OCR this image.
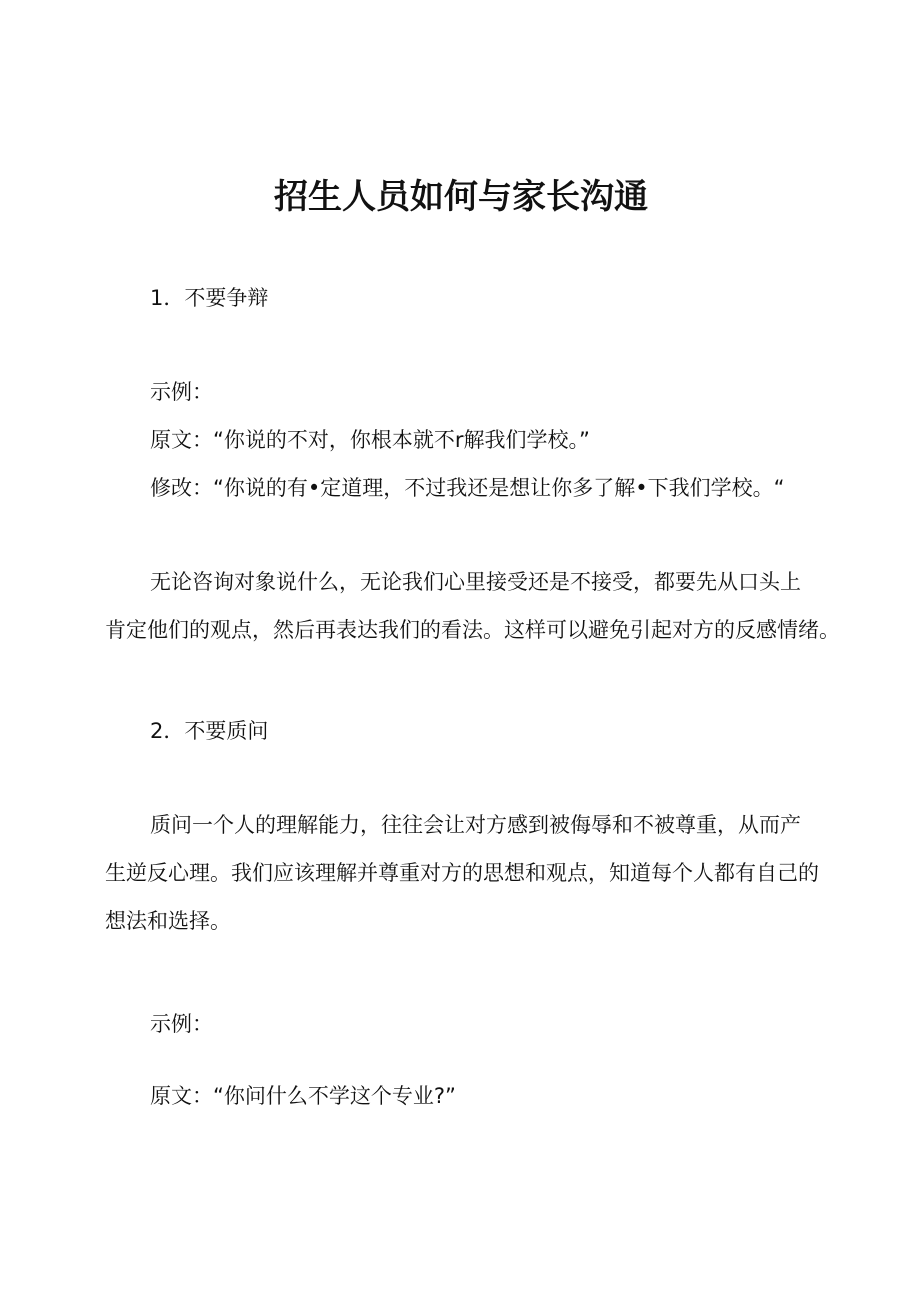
招生人员如何与家长沟通

1．不要争辩

示例：

原文：“你说的不对，你根本就不r解我们学校。”

修改：“你说的有•定道理，不过我还是想让你多了解•下我们学校。“

无论咨询对象说什么，无论我们心里接受还是不接受，都要先从口头上

肯定他们的观点，然后再表达我们的看法。这样可以避免引起对方的反感情绪。

2．不要质问

质问一个人的理解能力，往往会让对方感到被侮辱和不被尊重，从而产

生逆反心理。我们应该理解并尊重对方的思想和观点，知道每个人都有自己的

想法和选择。

示例：

原文：“你问什么不学这个专业?”
